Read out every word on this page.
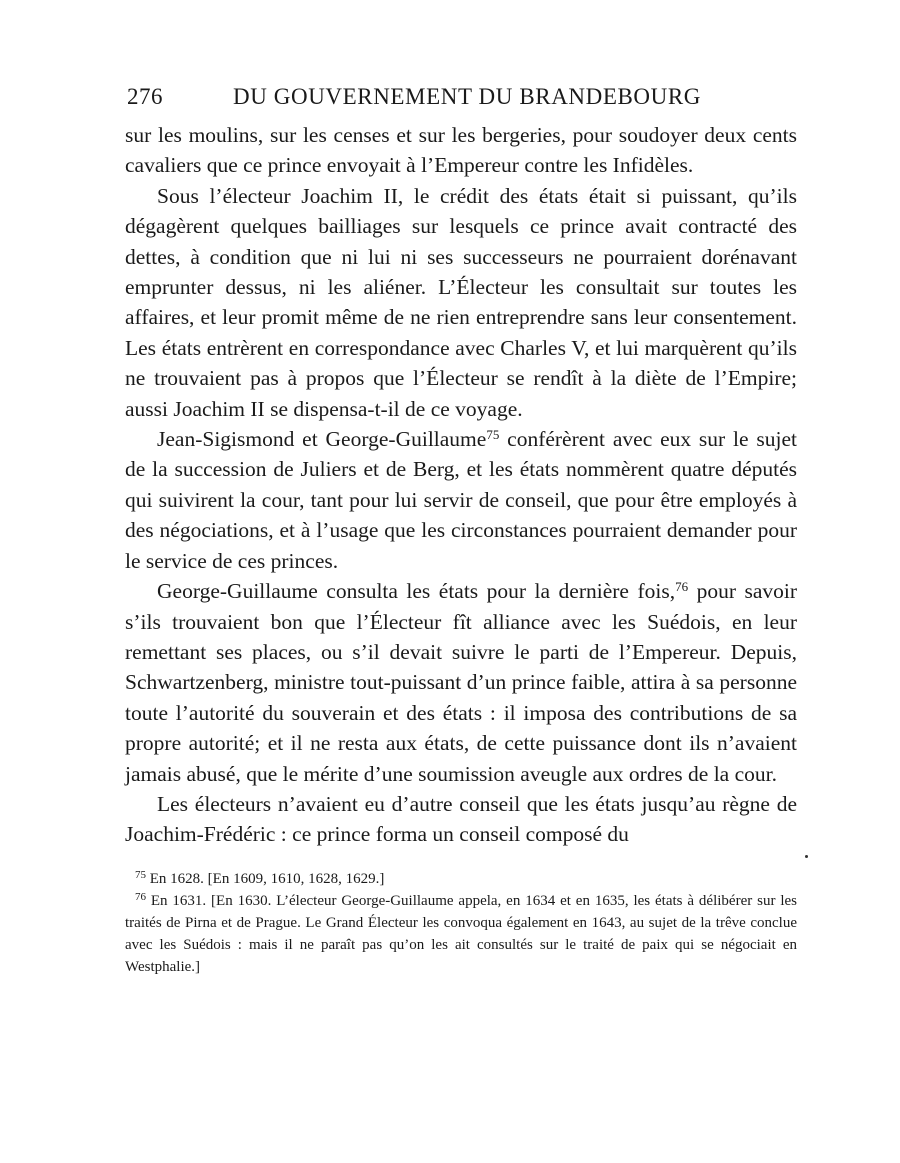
276	DU GOUVERNEMENT DU BRANDEBOURG

sur les moulins, sur les censes et sur les bergeries, pour soudoyer deux cents cavaliers que ce prince envoyait à l’Empereur contre les Infidèles.

Sous l’électeur Joachim II, le crédit des états était si puissant, qu’ils dégagèrent quelques bailliages sur lesquels ce prince avait contracté des dettes, à condition que ni lui ni ses successeurs ne pourraient dorénavant emprunter dessus, ni les aliéner. L’Électeur les consultait sur toutes les affaires, et leur promit même de ne rien entreprendre sans leur consentement. Les états entrèrent en correspondance avec Charles V, et lui marquèrent qu’ils ne trouvaient pas à propos que l’Électeur se rendît à la diète de l’Empire; aussi Joachim II se dispensa-t-il de ce voyage.

Jean-Sigismond et George-Guillaume$^{75}$ conférèrent avec eux sur le sujet de la succession de Juliers et de Berg, et les états nommèrent quatre députés qui suivirent la cour, tant pour lui servir de conseil, que pour être employés à des négociations, et à l’usage que les circonstances pourraient demander pour le service de ces princes.

George-Guillaume consulta les états pour la dernière fois,$^{76}$ pour savoir s’ils trouvaient bon que l’Électeur fît alliance avec les Suédois, en leur remettant ses places, ou s’il devait suivre le parti de l’Empereur. Depuis, Schwartzenberg, ministre tout-puissant d’un prince faible, attira à sa personne toute l’autorité du souverain et des états : il imposa des contributions de sa propre autorité; et il ne resta aux états, de cette puissance dont ils n’avaient jamais abusé, que le mérite d’une soumission aveugle aux ordres de la cour.

Les électeurs n’avaient eu d’autre conseil que les états jusqu’au règne de Joachim-Frédéric : ce prince forma un conseil composé du

$^{75}$ En 1628. [En 1609, 1610, 1628, 1629.]

$^{76}$ En 1631. [En 1630. L’électeur George-Guillaume appela, en 1634 et en 1635, les états à délibérer sur les traités de Pirna et de Prague. Le Grand Électeur les convoqua également en 1643, au sujet de la trêve conclue avec les Suédois : mais il ne paraît pas qu’on les ait consultés sur le traité de paix qui se négociait en Westphalie.]
